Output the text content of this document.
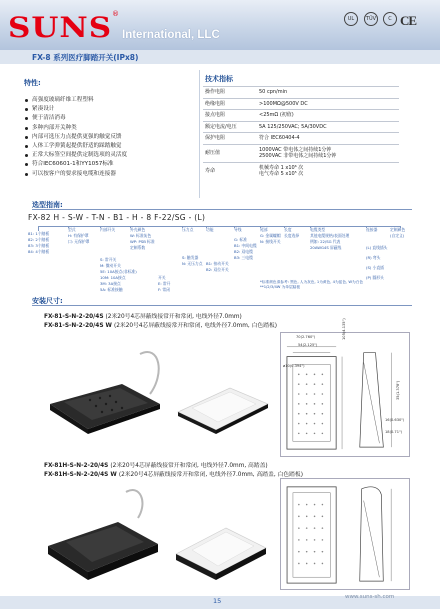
SUNS ®
International, LLC
UL	TÜV	C CE
FX-8 系列医疗脚踏开关(IPx8)
特性:
高强度玻璃纤维工程塑料
紧凑设计
便于清洁消毒
多种内部开关种类
内部可选压力点提供更强的触觉反馈
人体工学弹簧起提供舒适的踩踏触觉
正常大标签空间提供定制选项的灵活度
符合IEC60601-1和YY1057标准
可以按客户的要求接电缆和连接器
技术指标
操作电阻	50 cpn/min
绝缘电阻	>100MΩ@500V DC
接点电阻	<25mΩ (初值)
额定电流/电压	5A 125/250VAC; 5A/30VDC
保护电阻	符合 IEC60404-4
耐压值	1000VAC 带电体之间持续1分钟
2500VAC 非带电体之间持续1分钟
寿命	机械寿命 1 x10⁶ 次
电气寿命 5 x10⁵ 次
选型指南:
FX-82 H - S-W - T-N - B1 - H - 8 F-22/SG - (L)
81: 1个踏板
82: 2个踏板
83: 3个踏板
84: 4个踏板
型式
H: 有保护罩
口: 无保护罩
内部开关
S: 常开关
M: 微动开关
5E: 10A接点(非标准)
10M: 10A接点
3M: 3A接点
5A: 标准接触
外壳颜色
W: 标准灰色
WP: PSB 标准
定制系数
压力点
S: 触发器
N: 无压力点
开关
E: 常开
F: 常闭
功能
B1: 按动开关
B2: 双位开关
导线
G: 标准
B1: 中间电缆
B2: 双电缆
B3: 三电缆
尾部
G: 金属螺帽
N: 接线开关
长度
长度选择
电缆类型
其他电缆规格/表面处理
例如: 22/SG 代表
20AWG4S 屏蔽线
连接器
(L) 直线插头
(R) 弯头
(S) 小直插
(P) 圆形头
定制颜色
(自定义)
*标准颜色请参考: 黑色, 人为灰色, 1为黄色, 4为蓝色, W为白色
**1/2/3/4W 为单层踏板
安装尺寸:
FX-81-S-N-2-20/4S (2米20号4芯屏蔽线接常开和常闭, 电线外径7.0mm)
FX-81-S-N-2-20/4S W (2米20号4芯屏蔽线接常开和常闭, 电线外径7.0mm, 白色踏板)
70(2.760")
54(2.125")
105(4.135")
35(1.378")
ø10(0.394")
16(0.630")
18(0.71")
FX-81H-S-N-2-20/4S (2米20号4芯屏蔽线接常开和常闭, 电线外径7.0mm, 高踏盖)
FX-81H-S-N-2-20/4S W (2米20号4芯屏蔽线接常开和常闭, 电线外径7.0mm, 高踏盖, 白色踏板)
15	www.suns-sh.com
